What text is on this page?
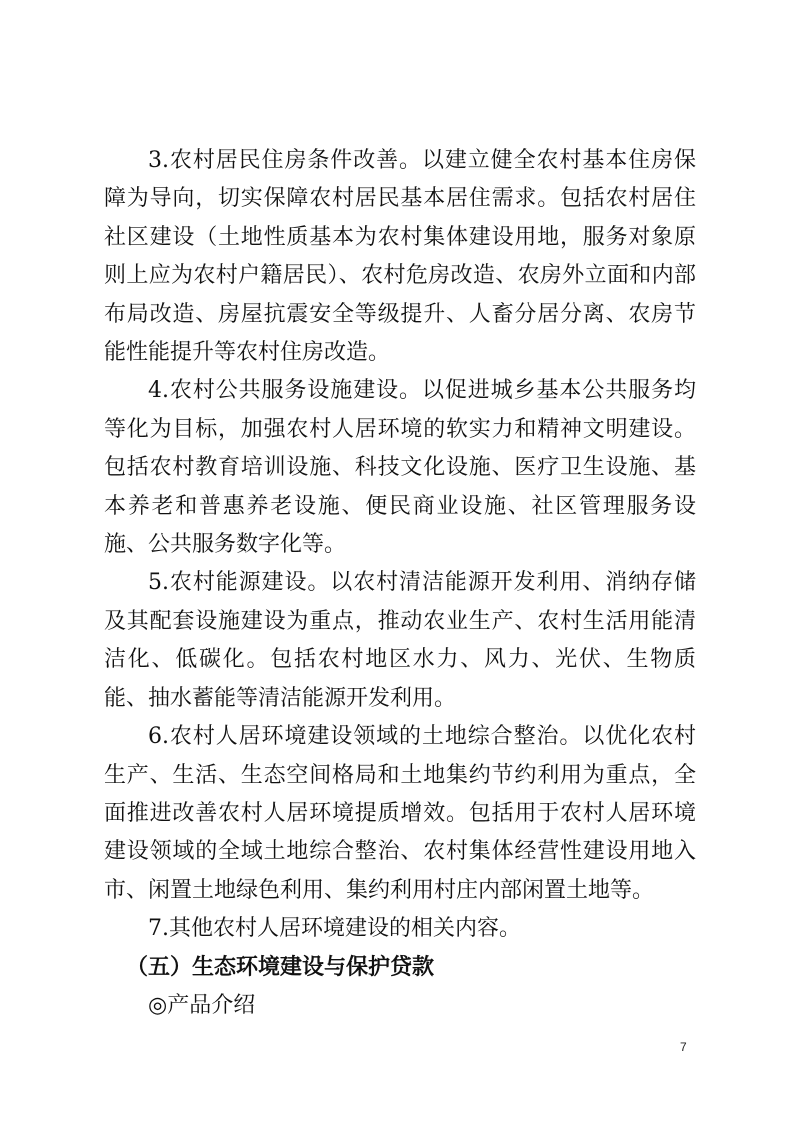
3.农村居民住房条件改善。以建立健全农村基本住房保障为导向，切实保障农村居民基本居住需求。包括农村居住社区建设（土地性质基本为农村集体建设用地，服务对象原则上应为农村户籍居民）、农村危房改造、农房外立面和内部布局改造、房屋抗震安全等级提升、人畜分居分离、农房节能性能提升等农村住房改造。

4.农村公共服务设施建设。以促进城乡基本公共服务均等化为目标，加强农村人居环境的软实力和精神文明建设。包括农村教育培训设施、科技文化设施、医疗卫生设施、基本养老和普惠养老设施、便民商业设施、社区管理服务设施、公共服务数字化等。

5.农村能源建设。以农村清洁能源开发利用、消纳存储及其配套设施建设为重点，推动农业生产、农村生活用能清洁化、低碳化。包括农村地区水力、风力、光伏、生物质能、抽水蓄能等清洁能源开发利用。

6.农村人居环境建设领域的土地综合整治。以优化农村生产、生活、生态空间格局和土地集约节约利用为重点，全面推进改善农村人居环境提质增效。包括用于农村人居环境建设领域的全域土地综合整治、农村集体经营性建设用地入市、闲置土地绿色利用、集约利用村庄内部闲置土地等。

7.其他农村人居环境建设的相关内容。

（五）生态环境建设与保护贷款

◎产品介绍

7
